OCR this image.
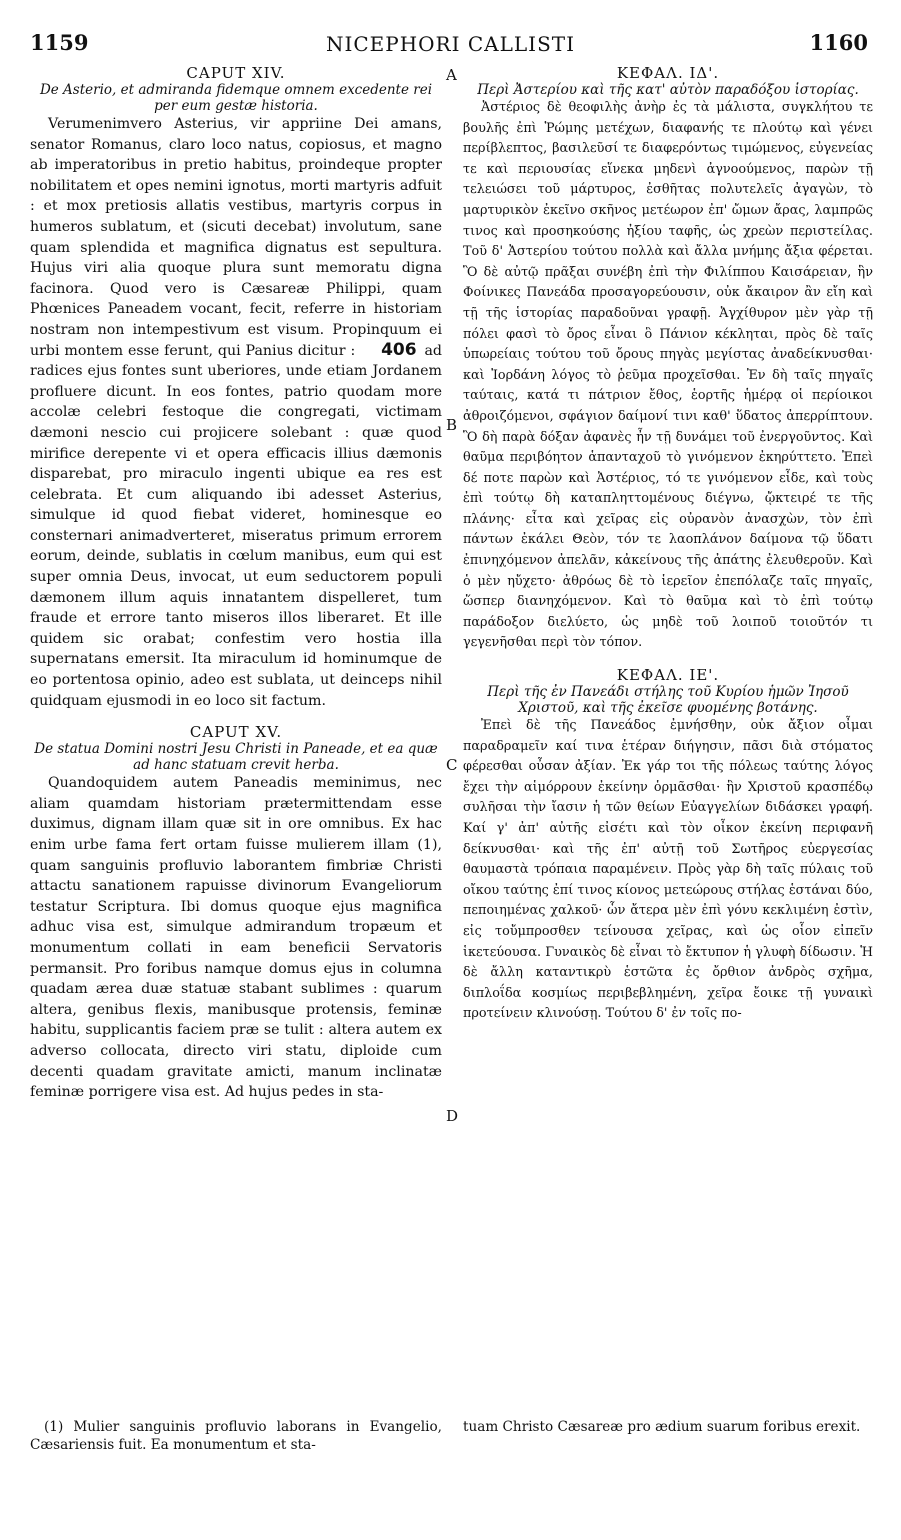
1159	NICEPHORI CALLISTI	1160
A
B
C
D

CAPUT XIV.

De Asterio, et admiranda fidemque omnem excedente rei per eum gestæ historia.

Verumenimvero Asterius, vir appriine Dei amans, senator Romanus, claro loco natus, copiosus, et magno ab imperatoribus in pretio habitus, proindeque propter nobilitatem et opes nemini ignotus, morti martyris adfuit : et mox pretiosis allatis vestibus, martyris corpus in humeros sublatum, et (sicuti decebat) involutum, sane quam splendida et magnifica dignatus est sepultura. Hujus viri alia quoque plura sunt memoratu digna facinora. Quod vero is Cæsareæ Philippi, quam Phœnices Paneadem vocant, fecit, referre in historiam nostram non intempestivum est visum. Propinquum ei urbi montem esse ferunt, qui Panius dicitur : 406 ad radices ejus fontes sunt uberiores, unde etiam Jordanem profluere dicunt. In eos fontes, patrio quodam more accolæ celebri festoque die congregati, victimam dæmoni nescio cui projicere solebant : quæ quod mirifice derepente vi et opera efficacis illius dæmonis disparebat, pro miraculo ingenti ubique ea res est celebrata. Et cum aliquando ibi adesset Asterius, simulque id quod fiebat videret, hominesque eo consternari animadverteret, miseratus primum errorem eorum, deinde, sublatis in cœlum manibus, eum qui est super omnia Deus, invocat, ut eum seductorem populi dæmonem illum aquis innatantem dispelleret, tum fraude et errore tanto miseros illos liberaret. Et ille quidem sic orabat; confestim vero hostia illa supernatans emersit. Ita miraculum id hominumque de eo portentosa opinio, adeo est sublata, ut deinceps nihil quidquam ejusmodi in eo loco sit factum.

CAPUT XV.

De statua Domini nostri Jesu Christi in Paneade, et ea quæ ad hanc statuam crevit herba.

Quandoquidem autem Paneadis meminimus, nec aliam quamdam historiam prætermittendam esse duximus, dignam illam quæ sit in ore omnibus. Ex hac enim urbe fama fert ortam fuisse mulierem illam (1), quam sanguinis profluvio laborantem fimbriæ Christi attactu sanationem rapuisse divinorum Evangeliorum testatur Scriptura. Ibi domus quoque ejus magnifica adhuc visa est, simulque admirandum tropæum et monumentum collati in eam beneficii Servatoris permansit. Pro foribus namque domus ejus in columna quadam ærea duæ statuæ stabant sublimes : quarum altera, genibus flexis, manibusque protensis, feminæ habitu, supplicantis faciem præ se tulit : altera autem ex adverso collocata, directo viri statu, diploide cum decenti quadam gravitate amicti, manum inclinatæ feminæ porrigere visa est. Ad hujus pedes in sta-

ΚΕΦΑΛ. ΙΔ'.

Περὶ Ἀστερίου καὶ τῆς κατ' αὐτὸν παραδόξου ἱστορίας.

Ἀστέριος δὲ θεοφιλὴς ἀνὴρ ἐς τὰ μάλιστα, συγκλήτου τε βουλῆς ἐπὶ Ῥώμης μετέχων, διαφανής τε πλούτῳ καὶ γένει περίβλεπτος, βασιλεῦσί τε διαφερόντως τιμώμενος, εὐγενείας τε καὶ περιουσίας εἵνεκα μηδενὶ ἀγνοούμενος, παρὼν τῇ τελειώσει τοῦ μάρτυρος, ἐσθῆτας πολυτελεῖς ἀγαγὼν, τὸ μαρτυρικὸν ἐκεῖνο σκῆνος μετέωρον ἐπ' ὤμων ἄρας, λαμπρῶς τινος καὶ προσηκούσης ἠξίου ταφῆς, ὡς χρεὼν περιστείλας. Τοῦ δ' Ἀστερίου τούτου πολλὰ καὶ ἄλλα μνήμης ἄξια φέρεται. Ὃ δὲ αὐτῷ πρᾶξαι συνέβη ἐπὶ τὴν Φιλίππου Καισάρειαν, ἣν Φοίνικες Πανεάδα προσαγορεύουσιν, οὐκ ἄκαιρον ἂν εἴη καὶ τῇ τῆς ἱστορίας παραδοῦναι γραφῇ. Ἀγχίθυρον μὲν γὰρ τῇ πόλει φασὶ τὸ ὄρος εἶναι ὃ Πάνιον κέκληται, πρὸς δὲ ταῖς ὑπωρείαις τούτου τοῦ ὄρους πηγὰς μεγίστας ἀναδείκνυσθαι· καὶ Ἰορδάνη λόγος τὸ ῥεῦμα προχεῖσθαι. Ἐν δὴ ταῖς πηγαῖς ταύταις, κατά τι πάτριον ἔθος, ἑορτῆς ἡμέρᾳ οἱ περίοικοι ἀθροιζόμενοι, σφάγιον δαίμονί τινι καθ' ὕδατος ἀπερρίπτουν. Ὃ δὴ παρὰ δόξαν ἀφανὲς ἦν τῇ δυνάμει τοῦ ἐνεργοῦντος. Καὶ θαῦμα περιβόητον ἁπανταχοῦ τὸ γινόμενον ἐκηρύττετο. Ἐπεὶ δέ ποτε παρὼν καὶ Ἀστέριος, τό τε γινόμενον εἶδε, καὶ τοὺς ἐπὶ τούτῳ δὴ καταπληττομένους διέγνω, ᾤκτειρέ τε τῆς πλάνης· εἶτα καὶ χεῖρας εἰς οὐρανὸν ἀνασχὼν, τὸν ἐπὶ πάντων ἐκάλει Θεὸν, τόν τε λαοπλάνον δαίμονα τῷ ὕδατι ἐπινηχόμενον ἀπελᾶν, κἀκείνους τῆς ἀπάτης ἐλευθεροῦν. Καὶ ὁ μὲν ηὔχετο· ἀθρόως δὲ τὸ ἱερεῖον ἐπεπόλαζε ταῖς πηγαῖς, ὥσπερ διανηχόμενον. Καὶ τὸ θαῦμα καὶ τὸ ἐπὶ τούτῳ παράδοξον διελύετο, ὡς μηδὲ τοῦ λοιποῦ τοιοῦτόν τι γεγενῆσθαι περὶ τὸν τόπον.

ΚΕΦΑΛ. ΙΕ'.

Περὶ τῆς ἐν Πανεάδι στήλης τοῦ Κυρίου ἡμῶν Ἰησοῦ Χριστοῦ, καὶ τῆς ἐκεῖσε φυομένης βοτάνης.

Ἐπεὶ δὲ τῆς Πανεάδος ἐμνήσθην, οὐκ ἄξιον οἶμαι παραδραμεῖν καί τινα ἑτέραν διήγησιν, πᾶσι διὰ στόματος φέρεσθαι οὖσαν ἀξίαν. Ἐκ γάρ τοι τῆς πόλεως ταύτης λόγος ἔχει τὴν αἱμόρρουν ἐκείνην ὁρμᾶσθαι· ἣν Χριστοῦ κρασπέδῳ συλῆσαι τὴν ἴασιν ἡ τῶν θείων Εὐαγγελίων διδάσκει γραφή. Καί γ' ἀπ' αὐτῆς εἰσέτι καὶ τὸν οἶκον ἐκείνη περιφανῆ δείκνυσθαι· καὶ τῆς ἐπ' αὐτῇ τοῦ Σωτῆρος εὐεργεσίας θαυμαστὰ τρόπαια παραμένειν. Πρὸς γὰρ δὴ ταῖς πύλαις τοῦ οἴκου ταύτης ἐπί τινος κίονος μετεώρους στήλας ἑστάναι δύο, πεποιημένας χαλκοῦ· ὧν ἄτερα μὲν ἐπὶ γόνυ κεκλιμένη ἐστὶν, εἰς τοὔμπροσθεν τείνουσα χεῖρας, καὶ ὡς οἷον εἰπεῖν ἱκετεύουσα. Γυναικὸς δὲ εἶναι τὸ ἔκτυπον ἡ γλυφὴ δίδωσιν. Ἡ δὲ ἄλλη καταντικρὺ ἑστῶτα ἐς ὄρθιον ἀνδρὸς σχῆμα, διπλοΐδα κοσμίως περιβεβλημένη, χεῖρα ἔοικε τῇ γυναικὶ προτείνειν κλινούσῃ. Τούτου δ' ἐν τοῖς πο-

(1) Mulier sanguinis profluvio laborans in Evangelio, Cæsariensis fuit. Ea monumentum et sta-

tuam Christo Cæsareæ pro ædium suarum foribus erexit.
